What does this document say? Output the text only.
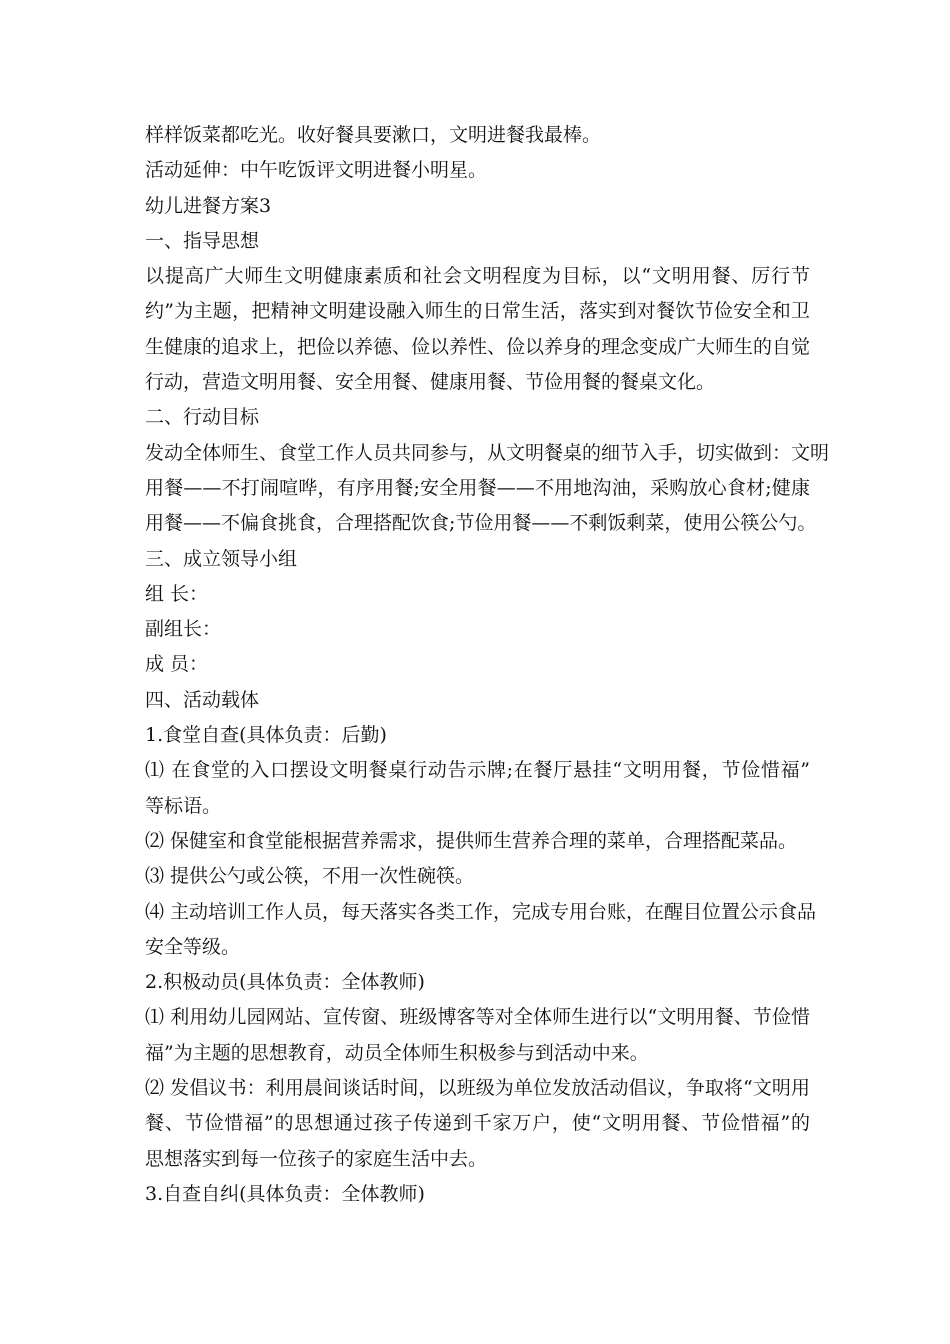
样样饭菜都吃光。收好餐具要漱口，文明进餐我最棒。
活动延伸：中午吃饭评文明进餐小明星。
幼儿进餐方案3
一、指导思想
以提高广大师生文明健康素质和社会文明程度为目标，以“文明用餐、厉行节
约”为主题，把精神文明建设融入师生的日常生活，落实到对餐饮节俭安全和卫
生健康的追求上，把俭以养德、俭以养性、俭以养身的理念变成广大师生的自觉
行动，营造文明用餐、安全用餐、健康用餐、节俭用餐的餐桌文化。
二、行动目标
发动全体师生、食堂工作人员共同参与，从文明餐桌的细节入手，切实做到：文明
用餐——不打闹喧哗，有序用餐;安全用餐——不用地沟油，采购放心食材;健康
用餐——不偏食挑食，合理搭配饮食;节俭用餐——不剩饭剩菜，使用公筷公勺。
三、成立领导小组
组 长：
副组长：
成 员：
四、活动载体
1.食堂自查(具体负责：后勤)
⑴ 在食堂的入口摆设文明餐桌行动告示牌;在餐厅悬挂“文明用餐，节俭惜福”
等标语。
⑵ 保健室和食堂能根据营养需求，提供师生营养合理的菜单，合理搭配菜品。
⑶ 提供公勺或公筷，不用一次性碗筷。
⑷ 主动培训工作人员，每天落实各类工作，完成专用台账，在醒目位置公示食品
安全等级。
2.积极动员(具体负责：全体教师)
⑴ 利用幼儿园网站、宣传窗、班级博客等对全体师生进行以“文明用餐、节俭惜
福”为主题的思想教育，动员全体师生积极参与到活动中来。
⑵ 发倡议书：利用晨间谈话时间，以班级为单位发放活动倡议，争取将“文明用
餐、节俭惜福”的思想通过孩子传递到千家万户，使“文明用餐、节俭惜福”的
思想落实到每一位孩子的家庭生活中去。
3.自查自纠(具体负责：全体教师)
